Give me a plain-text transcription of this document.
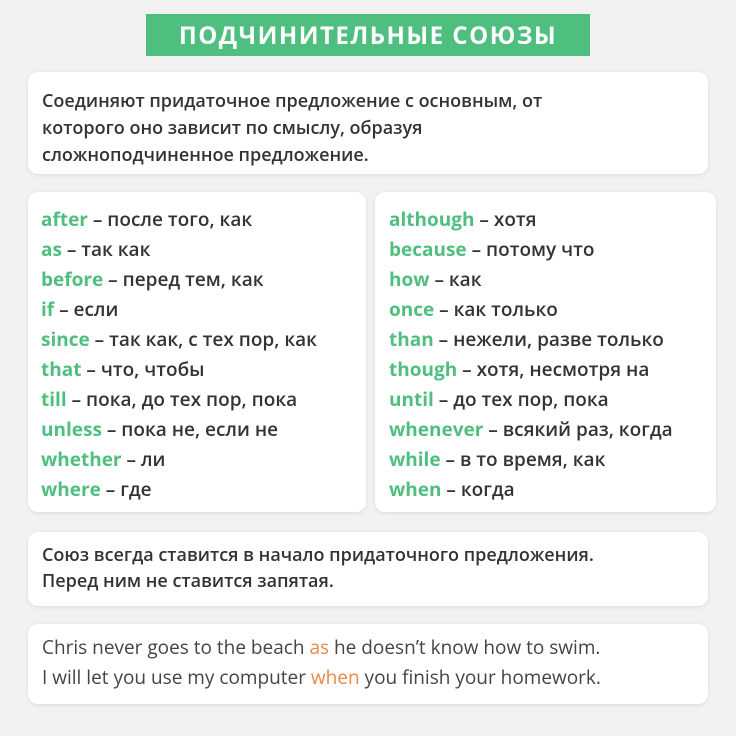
ПОДЧИНИТЕЛЬНЫЕ СОЮЗЫ
Соединяют придаточное предложение с основным, от
которого оно зависит по смыслу, образуя
сложноподчиненное предложение.
after – после того, как
as – так как
before – перед тем, как
if – если
since – так как, с тех пор, как
that – что, чтобы
till – пока, до тех пор, пока
unless – пока не, если не
whether – ли
where – где
although – хотя
because – потому что
how – как
once – как только
than – нежели, разве только
though – хотя, несмотря на
until – до тех пор, пока
whenever – всякий раз, когда
while – в то время, как
when – когда
Союз всегда ставится в начало придаточного предложения.
Перед ним не ставится запятая.
Chris never goes to the beach as he doesn’t know how to swim.
I will let you use my computer when you finish your homework.
